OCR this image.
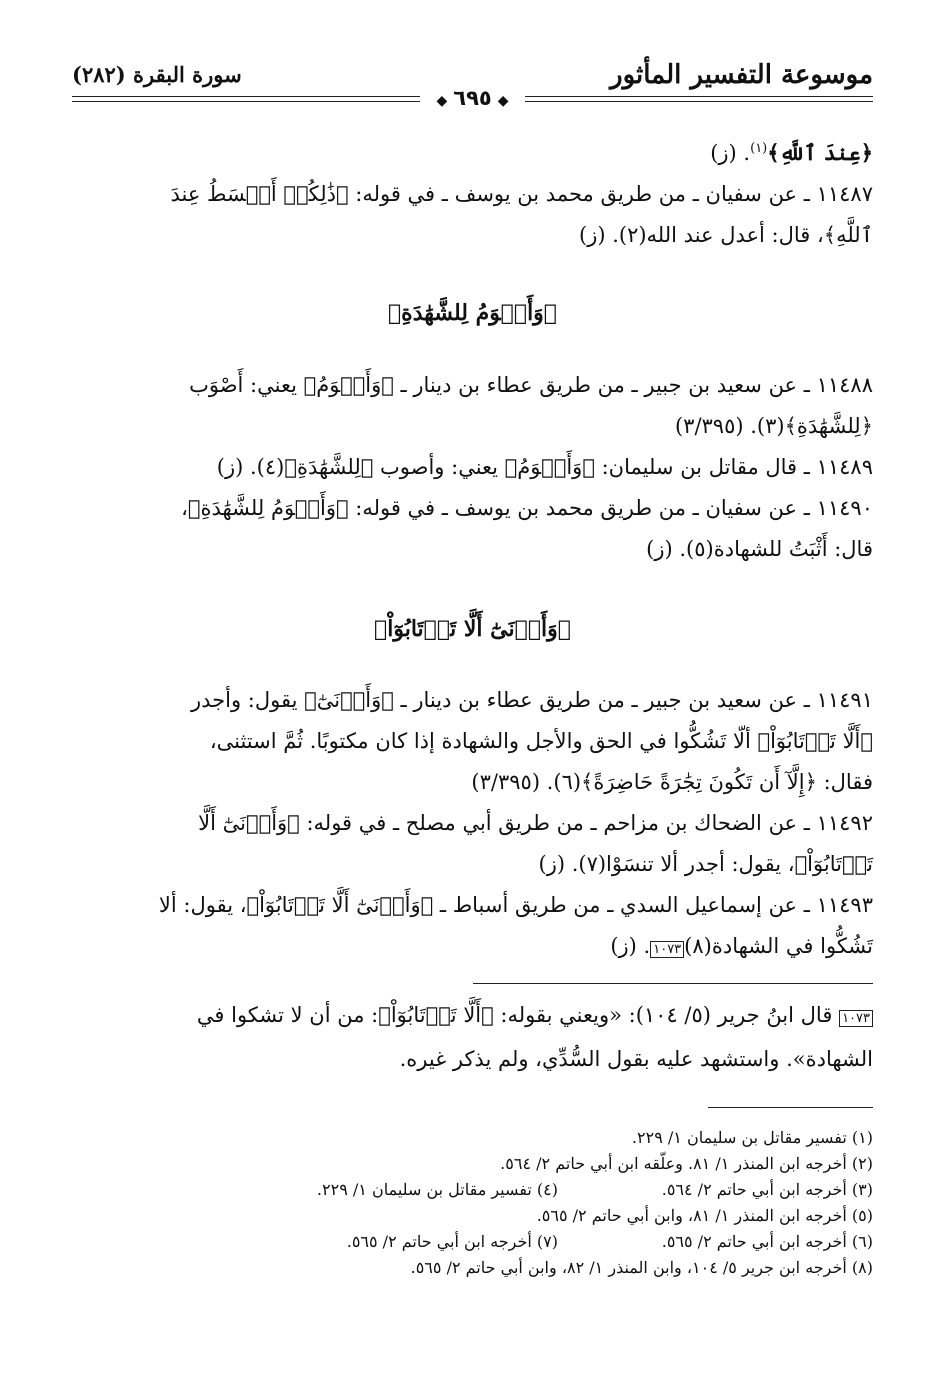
موسوعة التفسير المأثور
سورة البقرة (٢٨٢)
◆٦٩٥◆
﴿عِندَ ٱللَّهِ﴾$^{(١)}$. (ز)
١١٤٨٧ ـ عن سفيان ـ من طريق محمد بن يوسف ـ في قوله: ﴿ذَٰلِكُمۡ أَقۡسَطُ عِندَ
ٱللَّهِ﴾، قال: أعدل عند الله(٢). (ز)
﴿وَأَقۡوَمُ لِلشَّهَٰدَةِ﴾
١١٤٨٨ ـ عن سعيد بن جبير ـ من طريق عطاء بن دينار ـ ﴿وَأَقۡوَمُ﴾ يعني: أَصْوَب
﴿لِلشَّهَٰدَةِ﴾(٣). (٣/٣٩٥)
١١٤٨٩ ـ قال مقاتل بن سليمان: ﴿وَأَقۡوَمُ﴾ يعني: وأصوب ﴿لِلشَّهَٰدَةِ﴾(٤). (ز)
١١٤٩٠ ـ عن سفيان ـ من طريق محمد بن يوسف ـ في قوله: ﴿وَأَقۡوَمُ لِلشَّهَٰدَةِ﴾،
قال: أَثْبَتُ للشهادة(٥). (ز)
﴿وَأَدۡنَىٰٓ أَلَّا تَرۡتَابُوٓاْ﴾
١١٤٩١ ـ عن سعيد بن جبير ـ من طريق عطاء بن دينار ـ ﴿وَأَدۡنَىٰٓ﴾ يقول: وأجدر
﴿أَلَّا تَرۡتَابُوٓاْ﴾ ألّا تَشُكُّوا في الحق والأجل والشهادة إذا كان مكتوبًا. ثُمَّ استثنى،
فقال: ﴿إِلَّآ أَن تَكُونَ تِجَٰرَةً حَاضِرَةً﴾(٦). (٣/٣٩٥)
١١٤٩٢ ـ عن الضحاك بن مزاحم ـ من طريق أبي مصلح ـ في قوله: ﴿وَأَدۡنَىٰٓ أَلَّا
تَرۡتَابُوٓاْ﴾، يقول: أجدر ألا تنسَوْا(٧). (ز)
١١٤٩٣ ـ عن إسماعيل السدي ـ من طريق أسباط ـ ﴿وَأَدۡنَىٰٓ أَلَّا تَرۡتَابُوٓاْ﴾، يقول: ألا
تَشُكُّوا في الشهادة(٨)١٠٧٣. (ز)
١٠٧٣ قال ابنُ جرير (٥/ ١٠٤): «ويعني بقوله: ﴿أَلَّا تَرۡتَابُوٓاْ﴾: من أن لا تشكوا في
الشهادة». واستشهد عليه بقول السُّدِّي، ولم يذكر غيره.
(١) تفسير مقاتل بن سليمان ١/ ٢٢٩.
(٢) أخرجه ابن المنذر ١/ ٨١. وعلّقه ابن أبي حاتم ٢/ ٥٦٤.
(٣) أخرجه ابن أبي حاتم ٢/ ٥٦٤.
(٤) تفسير مقاتل بن سليمان ١/ ٢٢٩.
(٥) أخرجه ابن المنذر ١/ ٨١، وابن أبي حاتم ٢/ ٥٦٥.
(٦) أخرجه ابن أبي حاتم ٢/ ٥٦٥.
(٧) أخرجه ابن أبي حاتم ٢/ ٥٦٥.
(٨) أخرجه ابن جرير ٥/ ١٠٤، وابن المنذر ١/ ٨٢، وابن أبي حاتم ٢/ ٥٦٥.
